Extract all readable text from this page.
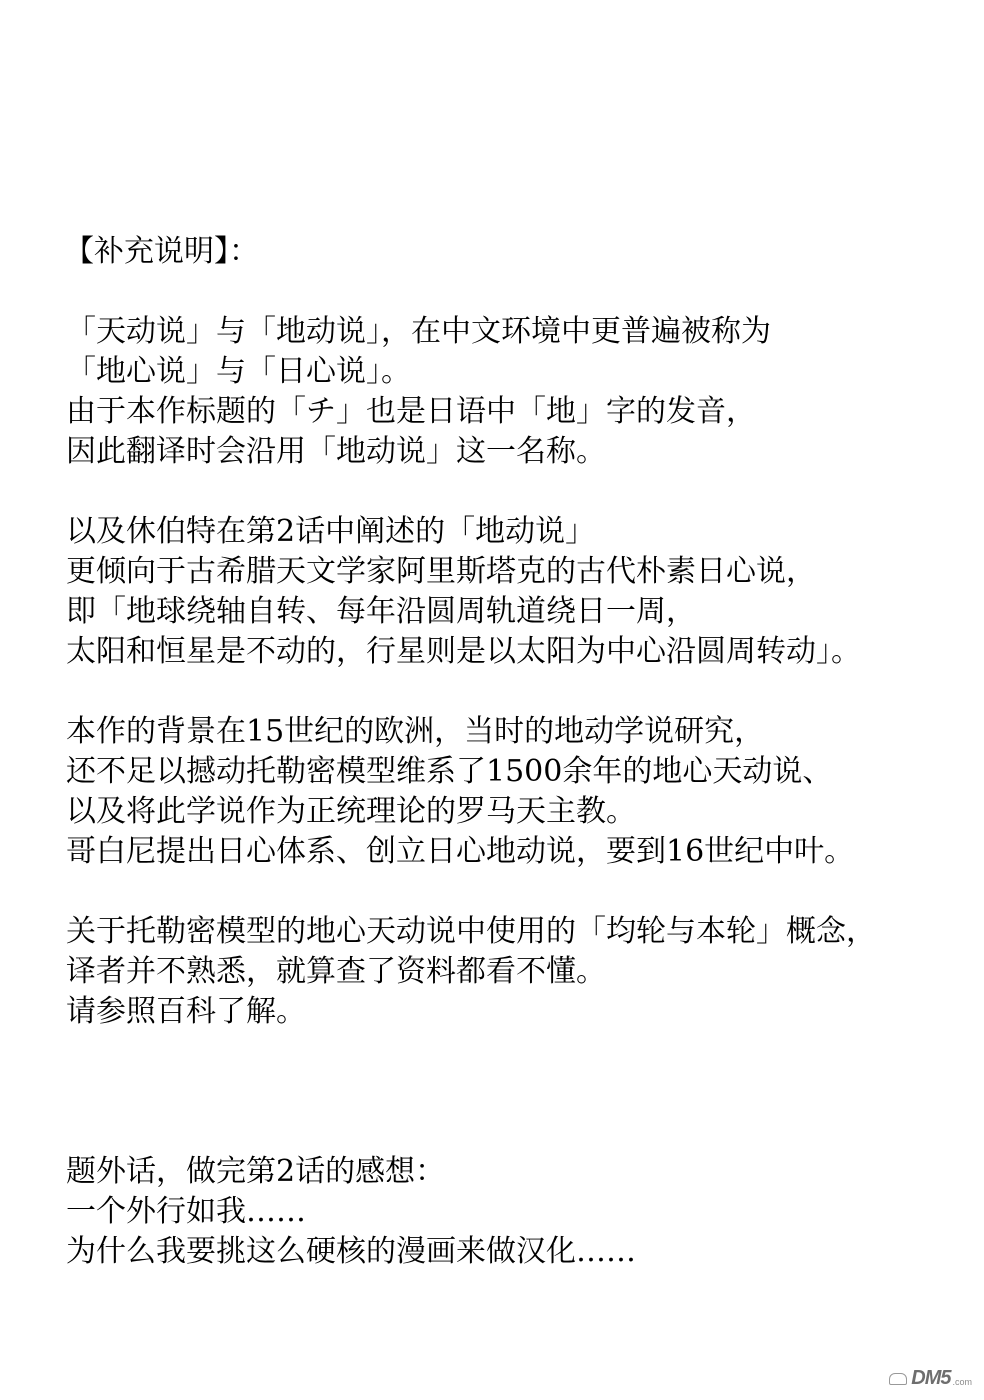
【补充说明】：
「天动说」与「地动说」，在中文环境中更普遍被称为
「地心说」与「日心说」。
由于本作标题的「チ」也是日语中「地」字的发音，
因此翻译时会沿用「地动说」这一名称。
以及休伯特在第2话中阐述的「地动说」
更倾向于古希腊天文学家阿里斯塔克的古代朴素日心说，
即「地球绕轴自转、每年沿圆周轨道绕日一周，
太阳和恒星是不动的，行星则是以太阳为中心沿圆周转动」。
本作的背景在15世纪的欧洲，当时的地动学说研究，
还不足以撼动托勒密模型维系了1500余年的地心天动说、
以及将此学说作为正统理论的罗马天主教。
哥白尼提出日心体系、创立日心地动说，要到16世纪中叶。
关于托勒密模型的地心天动说中使用的「均轮与本轮」概念，
译者并不熟悉，就算查了资料都看不懂。
请参照百科了解。
题外话，做完第2话的感想：
一个外行如我……
为什么我要挑这么硬核的漫画来做汉化……
DM5 .com
